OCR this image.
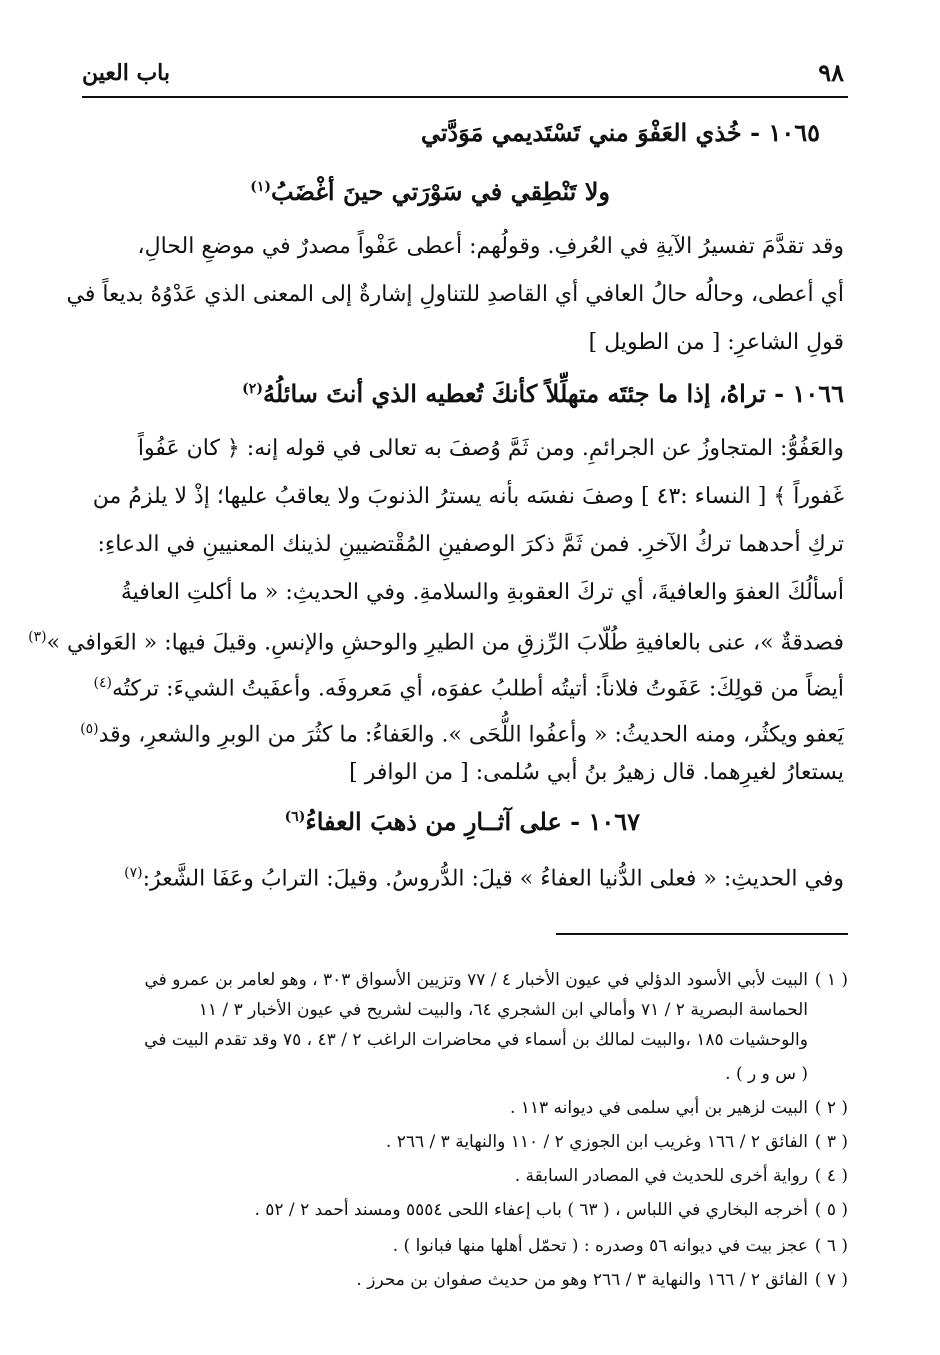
٩٨
باب العين
١٠٦٥ - خُذي العَفْوَ مني تَسْتَديمي مَوَدَّتي
ولا تَنْطِقي في سَوْرَتي حينَ أغْضَبُ$^{(١)}$
وقد تقدَّمَ تفسيرُ الآيةِ في العُرفِ. وقولُهم: أعطى عَفْواً مصدرٌ في موضعِ الحالِ،
أي أعطى، وحالُه حالُ العافي أي القاصدِ للتناولِ إشارةٌ إلى المعنى الذي عَدْوُهُ بديعاً في
قولِ الشاعرِ: [ من الطويل ]
١٠٦٦ - تراهُ، إذا ما جئتَه متهلِّلاً كأنكَ تُعطيه الذي أنتَ سائلُهُ$^{(٢)}$
والعَفُوُّ: المتجاوزُ عن الجرائمِ. ومن ثَمَّ وُصفَ به تعالى في قوله إنه: ﴿ كان عَفُواً
غَفوراً ﴾ [ النساء :٤٣ ] وصفَ نفسَه بأنه يسترُ الذنوبَ ولا يعاقبُ عليها؛ إذْ لا يلزمُ من
تركِ أحدهما تركُ الآخرِ. فمن ثَمَّ ذكرَ الوصفينِ المُقْتضيينِ لذينك المعنيينِ في الدعاءِ:
أسألُكَ العفوَ والعافيةَ، أي تركَ العقوبةِ والسلامةِ. وفي الحديثِ: « ما أكلتِ العافيةُ
فصدقةٌ »، عنى بالعافيةِ طُلّابَ الرِّزقِ من الطيرِ والوحشِ والإنسِ. وقيلَ فيها: « العَوافي »$^{(٣)}$
أيضاً من قولِكَ: عَفَوتُ فلاناً: أتيتُه أطلبُ عفوَه، أي مَعروفَه. وأعفَيتُ الشيءَ: تركتُه$^{(٤)}$
يَعفو ويكثُر، ومنه الحديثُ: « وأعفُوا اللُّحَى ». والعَفاءُ: ما كثُرَ من الوبرِ والشعرِ، وقد$^{(٥)}$
يستعارُ لغيرِهما. قال زهيرُ بنُ أبي سُلمى: [ من الوافر ]
١٠٦٧ - على آثــارِ من ذهبَ العفاءُ$^{(٦)}$
وفي الحديثِ: « فعلى الدُّنيا العفاءُ » قيلَ: الدُّروسُ. وقيلَ: الترابُ وعَفَا الشَّعرُ:$^{(٧)}$
( ١ )البيت لأبي الأسود الدؤلي في عيون الأخبار ٤ / ٧٧ وتزيين الأسواق ٣٠٣ ، وهو لعامر بن عمرو في
الحماسة البصرية ٢ / ٧١ وأمالي ابن الشجري ٦٤، والبيت لشريح في عيون الأخبار ٣ / ١١
والوحشيات ١٨٥ ،والبيت لمالك بن أسماء في محاضرات الراغب ٢ / ٤٣ ، ٧٥ وقد تقدم البيت في
( س و ر ) .
( ٢ )البيت لزهير بن أبي سلمى في ديوانه ١١٣ .
( ٣ )الفائق ٢ / ١٦٦ وغريب ابن الجوزي ٢ / ١١٠ والنهاية ٣ / ٢٦٦ .
( ٤ )رواية أخرى للحديث في المصادر السابقة .
( ٥ )أخرجه البخاري في اللباس ، ( ٦٣ ) باب إعفاء اللحى ٥٥٥٤ ومسند أحمد ٢ / ٥٢ .
( ٦ )عجز بيت في ديوانه ٥٦ وصدره : ( تحمّل أهلها منها فبانوا ) .
( ٧ )الفائق ٢ / ١٦٦ والنهاية ٣ / ٢٦٦ وهو من حديث صفوان بن محرز .
